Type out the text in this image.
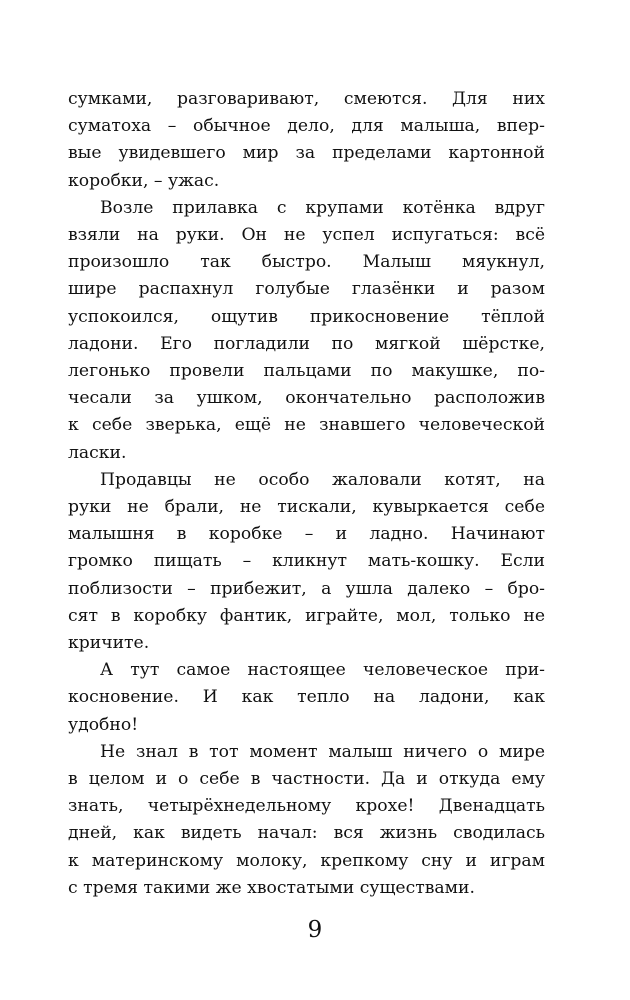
сумками, разговаривают, смеются. Для них
суматоха – обычное дело, для малыша, впер-
вые увидевшего мир за пределами картонной
коробки, – ужас.

Возле прилавка с крупами котёнка вдруг
взяли на руки. Он не успел испугаться: всё
произошло так быстро. Малыш мяукнул,
шире распахнул голубые глазёнки и разом
успокоился, ощутив прикосновение тёплой
ладони. Его погладили по мягкой шёрстке,
легонько провели пальцами по макушке, по-
чесали за ушком, окончательно расположив
к себе зверька, ещё не знавшего человеческой
ласки.

Продавцы не особо жаловали котят, на
руки не брали, не тискали, кувыркается себе
малышня в коробке – и ладно. Начинают
громко пищать – кликнут мать-кошку. Если
поблизости – прибежит, а ушла далеко – бро-
сят в коробку фантик, играйте, мол, только не
кричите.

А тут самое настоящее человеческое при-
косновение. И как тепло на ладони, как
удобно!

Не знал в тот момент малыш ничего о мире
в целом и о себе в частности. Да и откуда ему
знать, четырёхнедельному крохе! Двенадцать
дней, как видеть начал: вся жизнь сводилась
к материнскому молоку, крепкому сну и играм
с тремя такими же хвостатыми существами.

9
